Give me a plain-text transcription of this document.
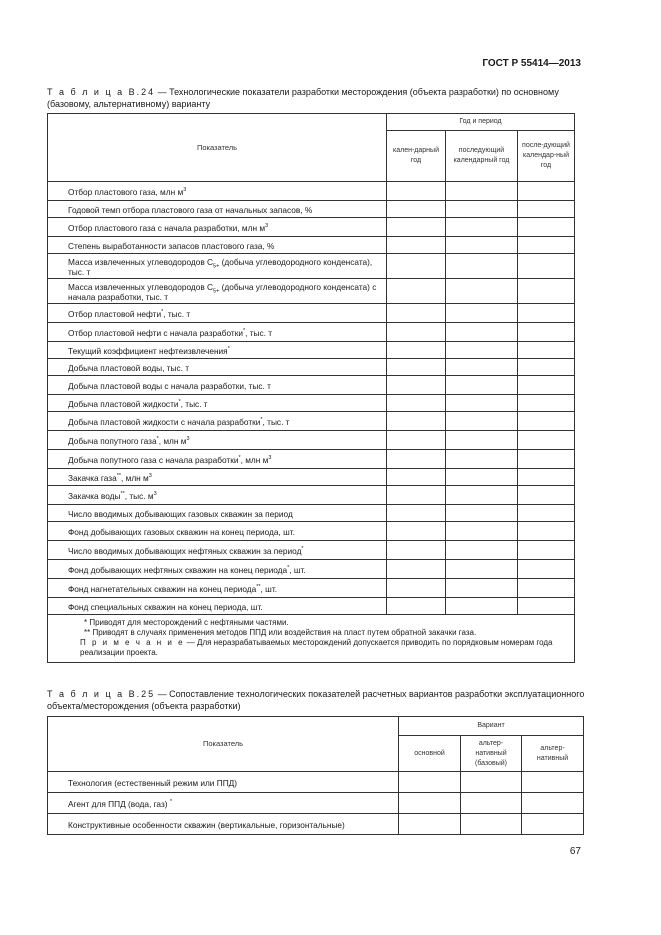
ГОСТ Р 55414—2013
Т а б л и ц а В.24 — Технологические показатели разработки месторождения (объекта разработки) по основному (базовому, альтернативному) варианту
Показатель	Год и период		
	кален-дарный год	последующий календарный год	после-дующий календар-ный год
Отбор пластового газа, млн $м^3$			
Годовой темп отбора пластового газа от начальных запасов, %			
Отбор пластового газа с начала разработки, млн $м^3$			
Степень выработанности запасов пластового газа, %			
Масса извлеченных углеводородов $C_{5+}$ (добыча углеводородного конденсата), тыс. т			
Масса извлеченных углеводородов $C_{5+}$ (добыча углеводородного конденсата) с начала разработки, тыс. т			
Отбор пластовой нефти*, тыс. т			
Отбор пластовой нефти с начала разработки*, тыс. т			
Текущий коэффициент нефтеизвлечения*			
Добыча пластовой воды, тыс. т			
Добыча пластовой воды с начала разработки, тыс. т			
Добыча пластовой жидкости*, тыс. т			
Добыча пластовой жидкости с начала разработки*, тыс. т			
Добыча попутного газа*, млн $м^3$			
Добыча попутного газа с начала разработки*, млн $м^3$			
Закачка газа**, млн $м^3$			
Закачка воды**, тыс. $м^3$			
Число вводимых добывающих газовых скважин за период			
Фонд добывающих газовых скважин на конец периода, шт.			
Число вводимых добывающих нефтяных скважин за период*			
Фонд добывающих нефтяных скважин на конец периода*, шт.			
Фонд нагнетательных скважин на конец периода**, шт.			
Фонд специальных скважин на конец периода, шт.			

* Приводят для месторождений с нефтяными частями.
** Приводят в случаях применения методов ППД или воздействия на пласт путем обратной закачки газа.
П р и м е ч а н и е — Для неразрабатываемых месторождений допускается приводить по порядковым номерам года реализации проекта.			
Т а б л и ц а В.25 — Сопоставление технологических показателей расчетных вариантов разработки эксплуатационного объекта/месторождения (объекта разработки)
Показатель	Вариант		
	основной	альтер-нативный (базовый)	альтер-нативный
Технология (естественный режим или ППД)			
Агент для ППД (вода, газ) *			
Конструктивные особенности скважин (вертикальные, горизонтальные)			
67
